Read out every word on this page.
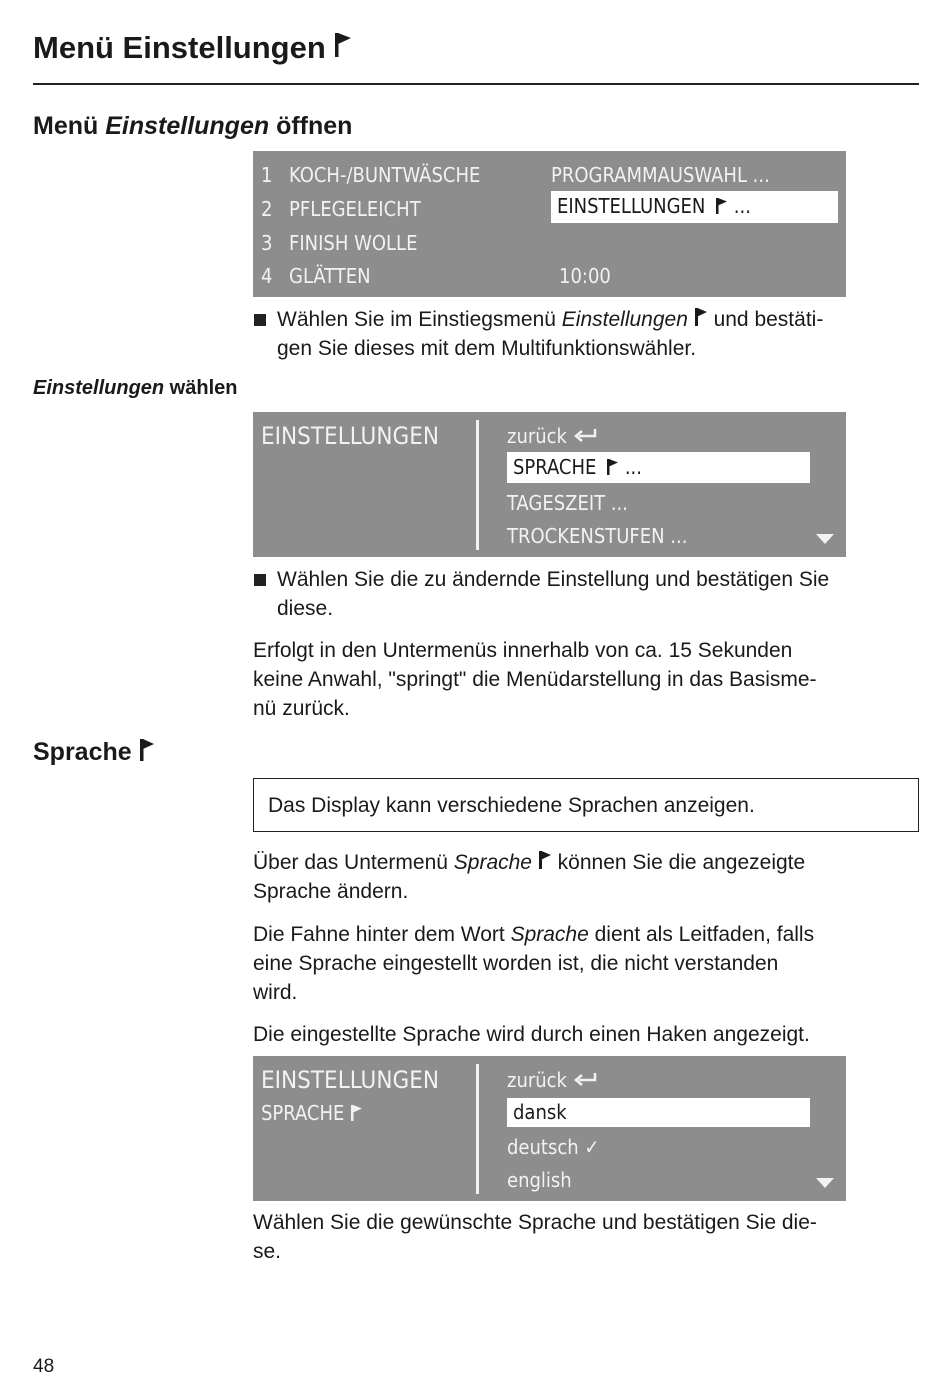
Menü Einstellungen
Menü Einstellungen öffnen
1 KOCH-/BUNTWÄSCHE
2 PFLEGELEICHT
3 FINISH WOLLE
4 GLÄTTEN
PROGRAMMAUSWAHL ...
EINSTELLUNGEN  ...
10:00
Wählen Sie im Einstiegsmenü Einstellungen  und bestäti-
gen Sie dieses mit dem Multifunktionswähler.
Einstellungen wählen
EINSTELLUNGEN	zurück
SPRACHE  ...
TAGESZEIT ...
TROCKENSTUFEN ...
Wählen Sie die zu ändernde Einstellung und bestätigen Sie
diese.
Erfolgt in den Untermenüs innerhalb von ca. 15 Sekunden
keine Anwahl, "springt" die Menüdarstellung in das Basisme-
nü zurück.
Sprache
Das Display kann verschiedene Sprachen anzeigen.
Über das Untermenü Sprache  können Sie die angezeigte
Sprache ändern.
Die Fahne hinter dem Wort Sprache dient als Leitfaden, falls
eine Sprache eingestellt worden ist, die nicht verstanden
wird.
Die eingestellte Sprache wird durch einen Haken angezeigt.
EINSTELLUNGEN
SPRACHE
zurück
dansk
deutsch ✓
english
Wählen Sie die gewünschte Sprache und bestätigen Sie die-
se.
48
